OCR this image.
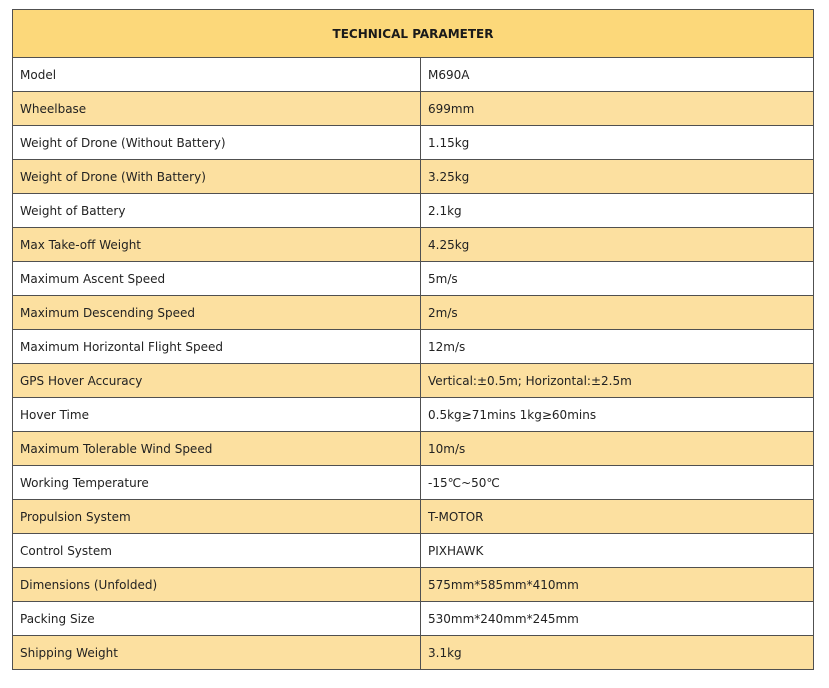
TECHNICAL PARAMETER	
Model	M690A
Wheelbase	699mm
Weight of Drone (Without Battery)	1.15kg
Weight of Drone (With Battery)	3.25kg
Weight of Battery	2.1kg
Max Take-off Weight	4.25kg
Maximum Ascent Speed	5m/s
Maximum Descending Speed	2m/s
Maximum Horizontal Flight Speed	12m/s
GPS Hover Accuracy	Vertical:±0.5m; Horizontal:±2.5m
Hover Time	0.5kg≥71mins 1kg≥60mins
Maximum Tolerable Wind Speed	10m/s
Working Temperature	-15℃~50℃
Propulsion System	T-MOTOR
Control System	PIXHAWK
Dimensions (Unfolded)	575mm*585mm*410mm
Packing Size	530mm*240mm*245mm
Shipping Weight	3.1kg
